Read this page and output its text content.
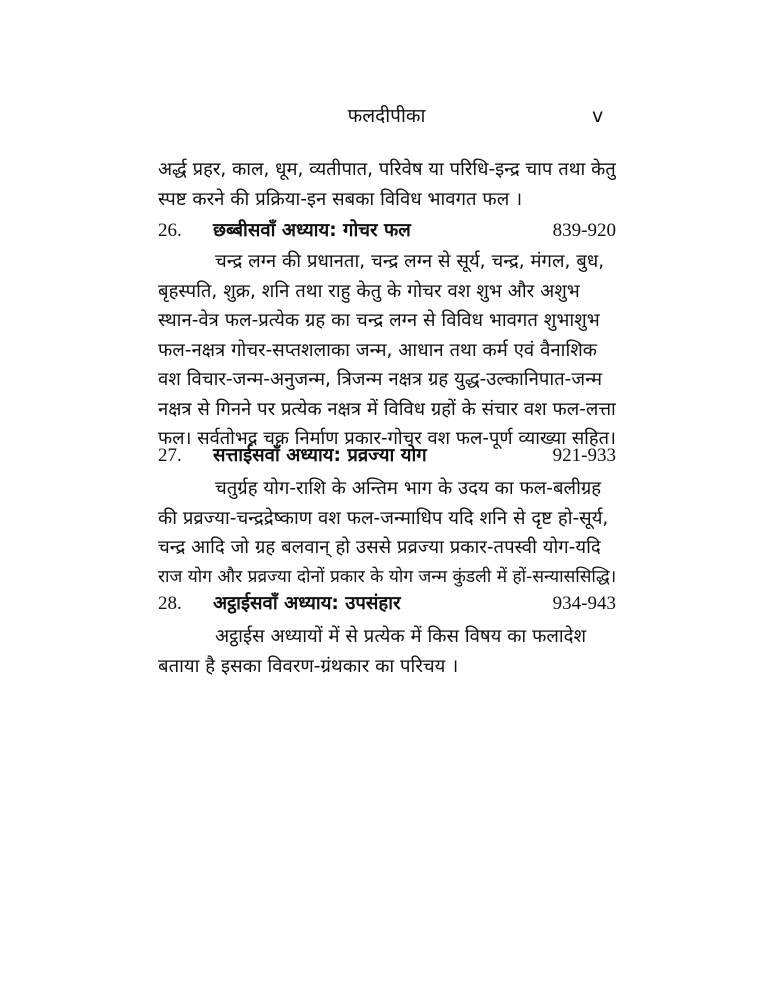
फलदीपीका	v
अर्द्ध प्रहर, काल, धूम, व्यतीपात, परिवेष या परिधि-इन्द्र चाप तथा केतु
स्पष्ट करने की प्रक्रिया-इन सबका विविध भावगत फल ।
26. छब्बीसवाँ अध्याय: गोचर फल	839-920
चन्द्र लग्न की प्रधानता, चन्द्र लग्न से सूर्य, चन्द्र, मंगल, बुध,
बृहस्पति, शुक्र, शनि तथा राहु केतु के गोचर वश शुभ और अशुभ
स्थान-वेत्र फल-प्रत्येक ग्रह का चन्द्र लग्न से विविध भावगत शुभाशुभ
फल-नक्षत्र गोचर-सप्तशलाका जन्म, आधान तथा कर्म एवं वैनाशिक
वश विचार-जन्म-अनुजन्म, त्रिजन्म नक्षत्र ग्रह युद्ध-उल्कानिपात-जन्म
नक्षत्र से गिनने पर प्रत्येक नक्षत्र में विविध ग्रहों के संचार वश फल-लत्ता
फल। सर्वतोभद्र चक्र निर्माण प्रकार-गोचर वश फल-पूर्ण व्याख्या सहित।
27. सत्ताईसवाँ अध्याय: प्रव्रज्या योग	921-933
चतुर्ग्रह योग-राशि के अन्तिम भाग के उदय का फल-बलीग्रह
की प्रव्रज्या-चन्द्रद्रेष्काण वश फल-जन्माधिप यदि शनि से दृष्ट हो-सूर्य,
चन्द्र आदि जो ग्रह बलवान् हो उससे प्रव्रज्या प्रकार-तपस्वी योग-यदि
राज योग और प्रव्रज्या दोनों प्रकार के योग जन्म कुंडली में हों-सन्याससिद्धि।
28. अट्ठाईसवाँ अध्याय: उपसंहार	934-943
अट्ठाईस अध्यायों में से प्रत्येक में किस विषय का फलादेश
बताया है इसका विवरण-ग्रंथकार का परिचय ।
